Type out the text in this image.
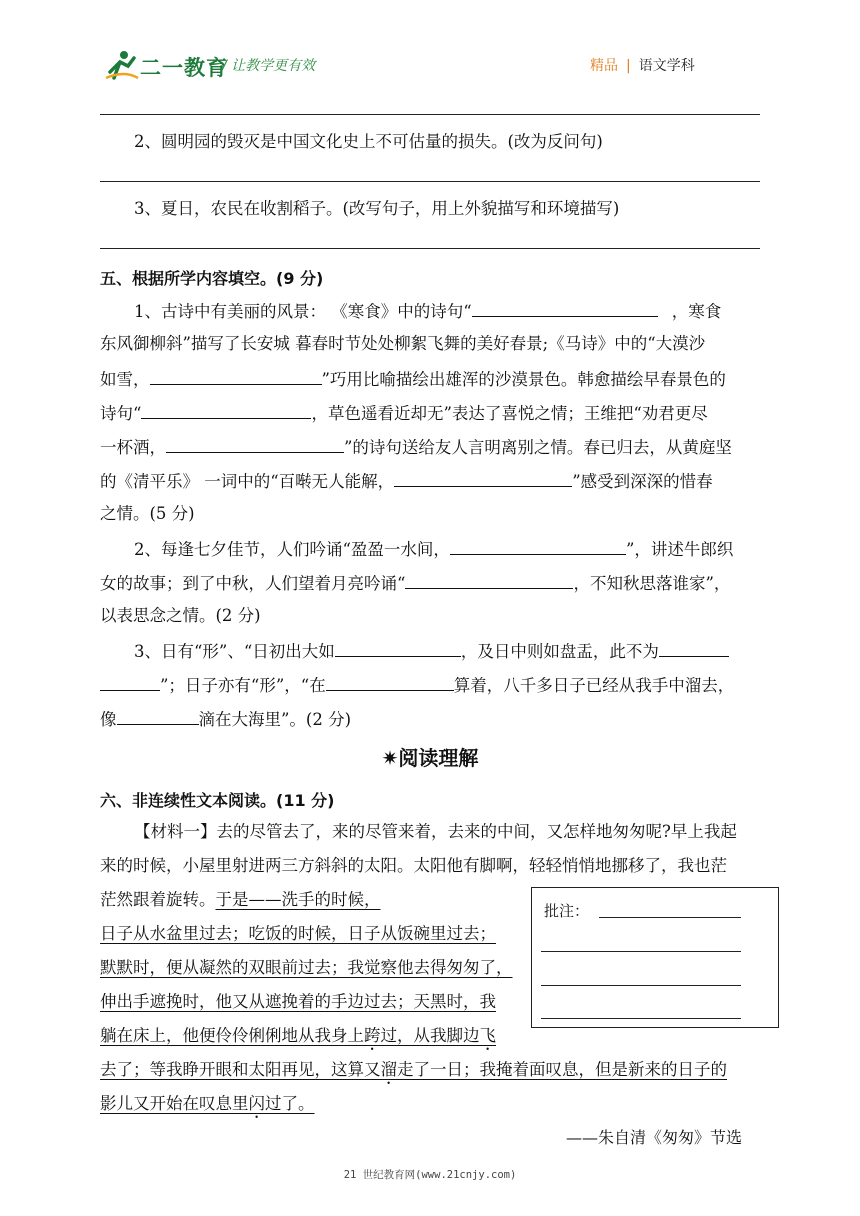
二一教育
/ 让教学更有效	精品 | 语文学科
2、圆明园的毁灭是中国文化史上不可估量的损失。(改为反问句)
3、夏日，农民在收割稻子。(改写句子，用上外貌描写和环境描写)
五、根据所学内容填空。(9 分)
1、古诗中有美丽的风景： 《寒食》中的诗句“	，寒食
东风御柳斜”描写了长安城 暮春时节处处柳絮飞舞的美好春景;《马诗》中的“大漠沙
如雪，	”巧用比喻描绘出雄浑的沙漠景色。韩愈描绘早春景色的
诗句“	，草色遥看近却无”表达了喜悦之情；王维把“劝君更尽
一杯酒，	”的诗句送给友人言明离别之情。春已归去，从黄庭坚
的《清平乐》 一词中的“百啭无人能解，	”感受到深深的惜春
之情。(5 分)
2、每逢七夕佳节，人们吟诵“盈盈一水间，	”，讲述牛郎织
女的故事；到了中秋，人们望着月亮吟诵“	，不知秋思落谁家”，
以表思念之情。(2 分)
3、日有“形”、“日初出大如	，及日中则如盘盂，此不为
”；日子亦有“形”，“在	算着，八千多日子已经从我手中溜去，
像	滴在大海里”。(2 分)
✷阅读理解
六、非连续性文本阅读。(11 分)
【材料一】去的尽管去了，来的尽管来着，去来的中间，又怎样地匆匆呢?早上我起
来的时候，小屋里射进两三方斜斜的太阳。太阳他有脚啊，轻轻悄悄地挪移了，我也茫
茫然跟着旋转。于是——洗手的时候，
日子从水盆里过去；吃饭的时候，日子从饭碗里过去；
默默时，便从凝然的双眼前过去；我觉察他去得匆匆了，
伸出手遮挽时，他又从遮挽着的手边过去；天黑时，我
躺在床上，他便伶伶俐俐地从我身上跨过，从我脚边飞
去了；等我睁开眼和太阳再见，这算又溜走了一日；我掩着面叹息，但是新来的日子的
影儿又开始在叹息里闪过了。
——朱自清《匆匆》节选
批注：
21 世纪教育网(www.21cnjy.com)
